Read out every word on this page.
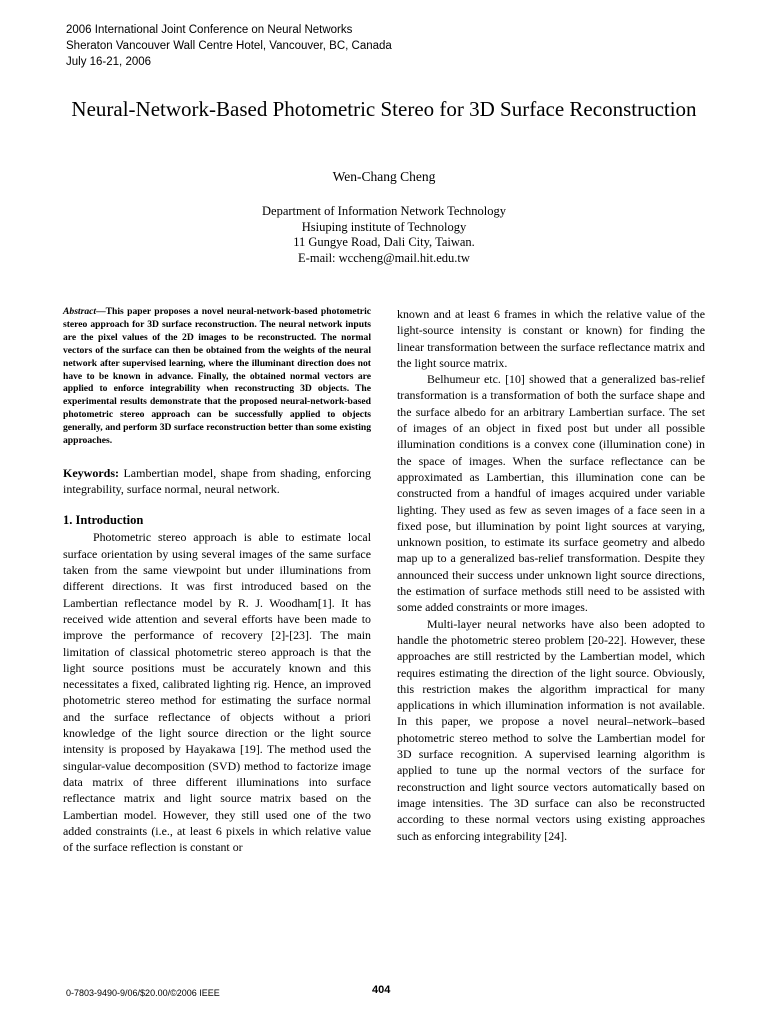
2006 International Joint Conference on Neural Networks
Sheraton Vancouver Wall Centre Hotel, Vancouver, BC, Canada
July 16-21, 2006
Neural-Network-Based Photometric Stereo for 3D Surface Reconstruction
Wen-Chang Cheng
Department of Information Network Technology
Hsiuping institute of Technology
11 Gungye Road, Dali City, Taiwan.
E-mail: wccheng@mail.hit.edu.tw

Abstract—This paper proposes a novel neural-network-based photometric stereo approach for 3D surface reconstruction. The neural network inputs are the pixel values of the 2D images to be reconstructed. The normal vectors of the surface can then be obtained from the weights of the neural network after supervised learning, where the illuminant direction does not have to be known in advance. Finally, the obtained normal vectors are applied to enforce integrability when reconstructing 3D objects. The experimental results demonstrate that the proposed neural-network-based photometric stereo approach can be successfully applied to objects generally, and perform 3D surface reconstruction better than some existing approaches.

Keywords: Lambertian model, shape from shading, enforcing integrability, surface normal, neural network.

1. Introduction

Photometric stereo approach is able to estimate local surface orientation by using several images of the same surface taken from the same viewpoint but under illuminations from different directions. It was first introduced based on the Lambertian reflectance model by R. J. Woodham[1]. It has received wide attention and several efforts have been made to improve the performance of recovery [2]-[23]. The main limitation of classical photometric stereo approach is that the light source positions must be accurately known and this necessitates a fixed, calibrated lighting rig. Hence, an improved photometric stereo method for estimating the surface normal and the surface reflectance of objects without a priori knowledge of the light source direction or the light source intensity is proposed by Hayakawa [19]. The method used the singular-value decomposition (SVD) method to factorize image data matrix of three different illuminations into surface reflectance matrix and light source matrix based on the Lambertian model. However, they still used one of the two added constraints (i.e., at least 6 pixels in which relative value of the surface reflection is constant or

known and at least 6 frames in which the relative value of the light-source intensity is constant or known) for finding the linear transformation between the surface reflectance matrix and the light source matrix.

Belhumeur etc. [10] showed that a generalized bas-relief transformation is a transformation of both the surface shape and the surface albedo for an arbitrary Lambertian surface. The set of images of an object in fixed post but under all possible illumination conditions is a convex cone (illumination cone) in the space of images. When the surface reflectance can be approximated as Lambertian, this illumination cone can be constructed from a handful of images acquired under variable lighting. They used as few as seven images of a face seen in a fixed pose, but illumination by point light sources at varying, unknown position, to estimate its surface geometry and albedo map up to a generalized bas-relief transformation. Despite they announced their success under unknown light source directions, the estimation of surface methods still need to be assisted with some added constraints or more images.

Multi-layer neural networks have also been adopted to handle the photometric stereo problem [20-22]. However, these approaches are still restricted by the Lambertian model, which requires estimating the direction of the light source. Obviously, this restriction makes the algorithm impractical for many applications in which illumination information is not available. In this paper, we propose a novel neural–network–based photometric stereo method to solve the Lambertian model for 3D surface recognition. A supervised learning algorithm is applied to tune up the normal vectors of the surface for reconstruction and light source vectors automatically based on image intensities. The 3D surface can also be reconstructed according to these normal vectors using existing approaches such as enforcing integrability [24].

0-7803-9490-9/06/$20.00/©2006 IEEE	404
